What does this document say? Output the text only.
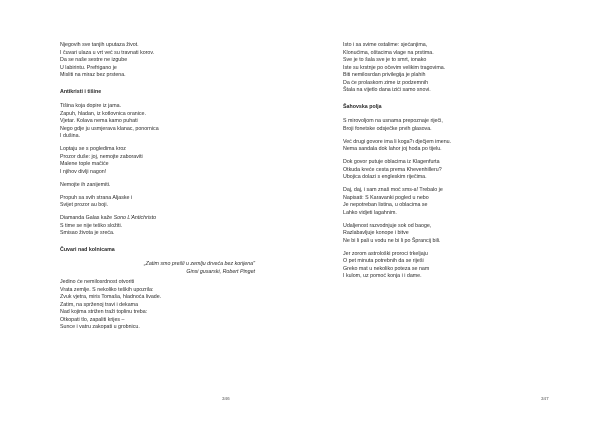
Njegovih sve tanjih uputaza život.
I čuvari ulaza u vrt već su travnati korov.
Da se naše sestre ne izgube
U labirintu. Prefrigano je
Misliti na miraz bez prstena.
Antikristi i tišine
Tišina koja dopire iz jama.
Zapuh, hladan, iz kotlovnica oranice.
Vjetar. Kolava nema kamo puhati
Nego gdje ju usmjerava klanac, ponornica
I dušina.
Loptaju se s pogledima kroz
Prozor duše: joj, nemojte zaboraviti
Malene tople mačiće
I njihov divlji nagon!
Nemojte ih zanijemiti.
Propuh sa svih strana Aljaske i
Svijet prozor au boji.
Diamanda Galas kaže Sono L'Antichristo
S time se nije teško složiti.
Smisao života je sreća.
Čuvari nad kolnicama
„Zatim smo prešli u zemlju drveća bez korijena"
Ginsi gusarski, Robert Pinget
Jedino će nemilosrdnost otvoriti
Vrata zemlje. S nekoliko teških upozrila:
Zvuk vjetra, miris Tomaša, hladnoća livade.
Zatim, na sprženoj travi i dekama
Nad kojima strižen traži toplinu treba:
Otkopati tlo, zapaliti krijes –
Sunce i vatru zakopati u grobnicu.
346
Isto i sa svime ostalime: sjećanjima,
Klonućima, oštacima vlage na prstima.
Sve je to šala sve je to smrt, ionako
Iste su krstnje po očevim velikim tragovima.
Biti nemilosrdan privilegija je plahih
Da će prolaskom zime iz podzemnih
Štala na vijetlo dana izići samo snovi.
Šahovska polja
S mirovoljom na usnama prepoznaje riječi,
Broji fonetske odsječke prvih glasova.
Već drugi govore ima li koga?ı dječjem imenu.
Nema sandala dok lahor joj hoda po tijelu.
Dok govor putuje oblacima iz Klagenfurta
Otkuda kreće cesta prema Khevenhilleru?
Ubojica dolazi s engleskim riječima.
Daj, daj, i sam znaš moć sms-a! Trebalo je
Napisati: S Karavanki pogled u nebo
Je nepotreban listina, u oblacima se
Lahko vidjeti lagahnim.
Udaljenost razvodnjuje sok od baoge,
Razlabavljuje konope i bitve
Ne bi li pali u vodu ne bi li po Šprancij bili.
Jer zorom astrološki proroci trkeljaju
O pet minuta potrebnih da se riješi
Greko mat u nekoliko poteza se nam
I kulom, uz pomoć konja i i dame.
347
